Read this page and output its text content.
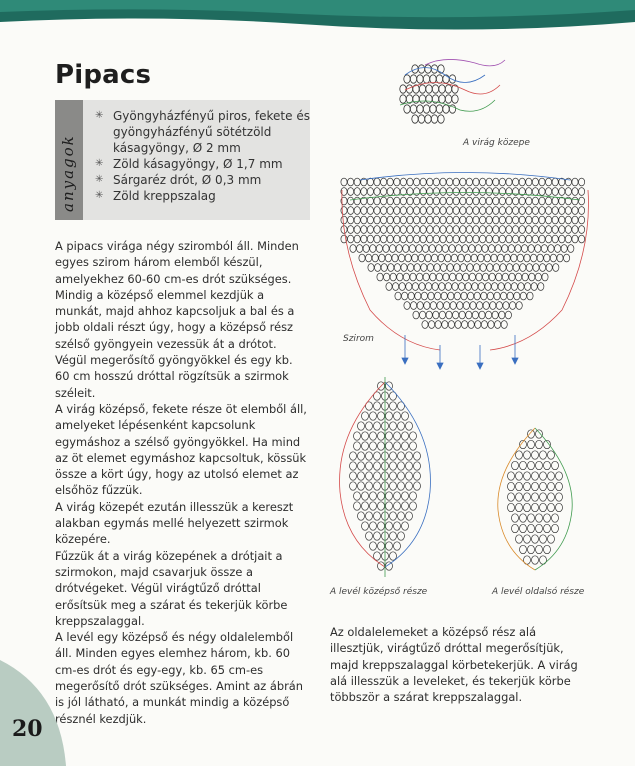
Pipacs
anyagok
✳ Gyöngyházfényű piros, fekete és gyöngyházfényű sötétzöld kásagyöngy, Ø 2 mm
✳ Zöld kásagyöngy, Ø 1,7 mm
✳ Sárgaréz drót, Ø 0,3 mm
✳ Zöld kreppszalag

A pipacs virága négy sziromból áll. Minden egyes szirom három elemből készül, amelyekhez 60-60 cm-es drót szükséges. Mindig a középső elemmel kezdjük a munkát, majd ahhoz kapcsoljuk a bal és a jobb oldali részt úgy, hogy a középső rész szélső gyöngyein vezessük át a drótot. Végül megerősítő gyöngyökkel és egy kb. 60 cm hosszú dróttal rögzítsük a szirmok széleit.

A virág középső, fekete része öt elemből áll, amelyeket lépésenként kapcsolunk egymáshoz a szélső gyöngyökkel. Ha mind az öt elemet egymáshoz kapcsoltuk, kössük össze a kört úgy, hogy az utolsó elemet az elsőhöz fűzzük.

A virág közepét ezután illesszük a kereszt alakban egymás mellé helyezett szirmok közepére.

Fűzzük át a virág közepének a drótjait a szirmokon, majd csavarjuk össze a drótvégeket. Végül virágtűző dróttal erősítsük meg a szárat és tekerjük körbe kreppszalaggal.

A levél egy középső és négy oldalelemből áll. Minden egyes elemhez három, kb. 60 cm-es drót és egy-egy, kb. 65 cm-es megerősítő drót szükséges. Amint az ábrán is jól látható, a munkát mindig a középső résznél kezdjük.

A virág közepe
Szirom
A levél középső része	A levél oldalsó része
Az oldalelemeket a középső rész alá illesztjük, virágtűző dróttal megerősítjük, majd kreppszalaggal körbetekerjük. A virág alá illesszük a leveleket, és tekerjük körbe többször a szárat kreppszalaggal.
20
